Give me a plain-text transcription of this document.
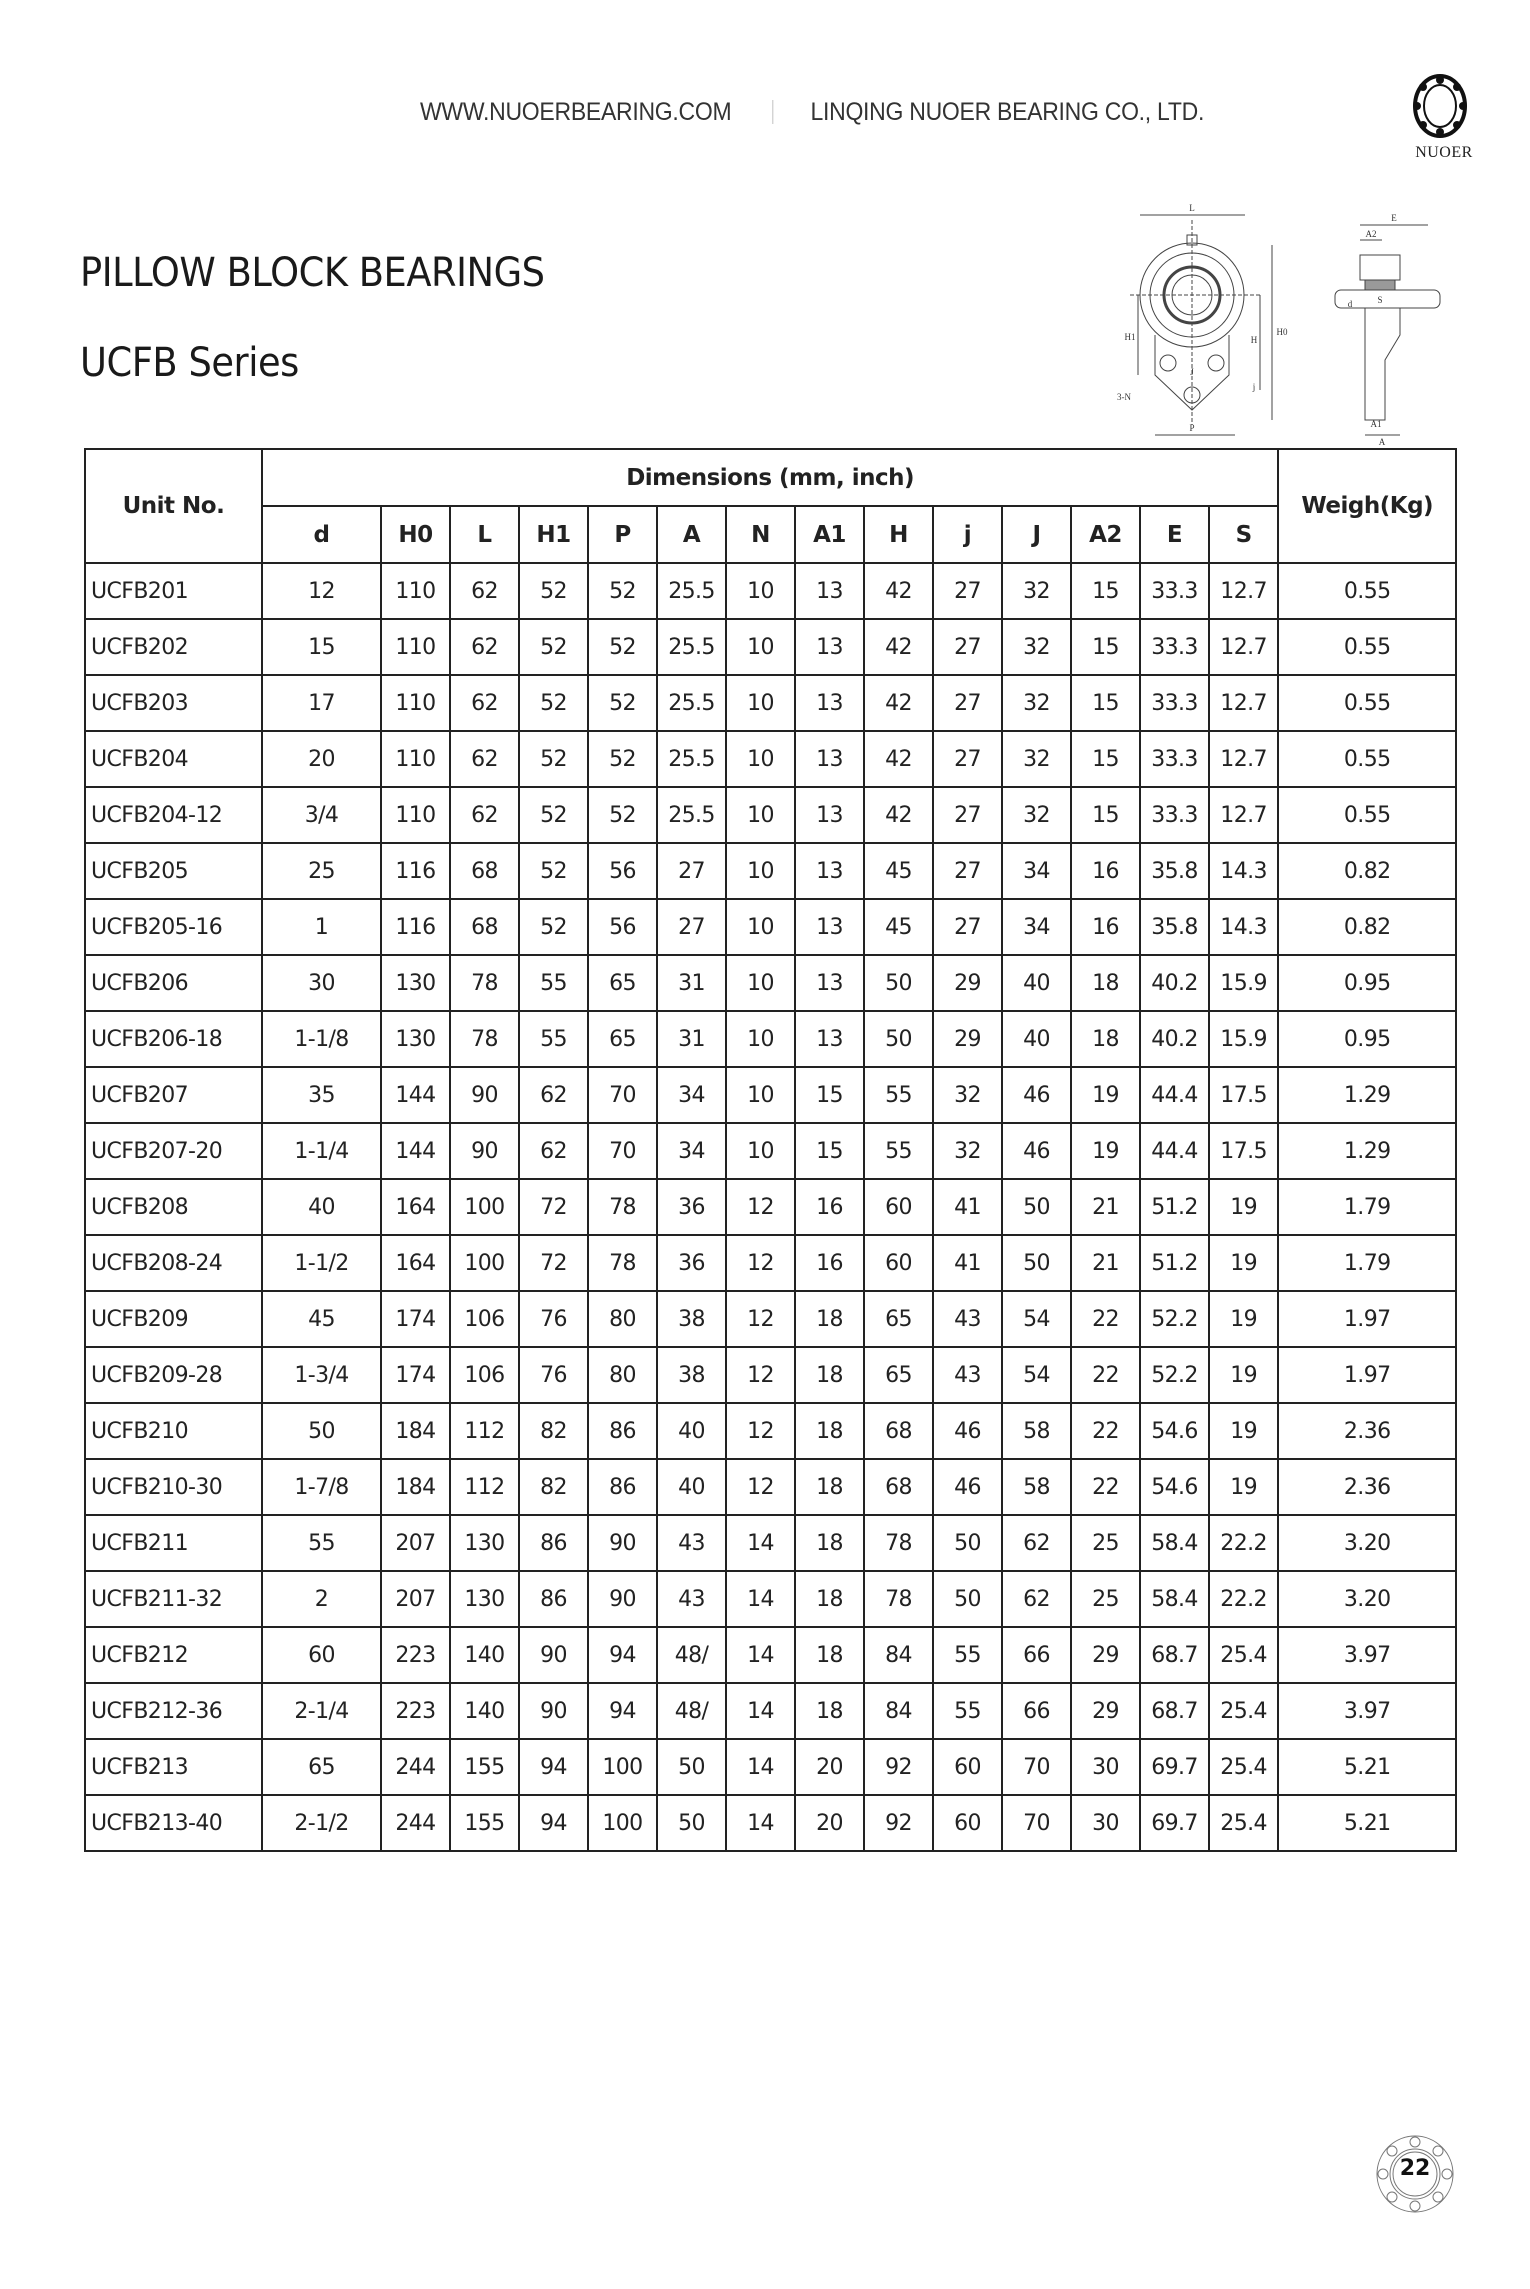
WWW.NUOERBEARING.COM	LINQING NUOER BEARING CO., LTD.
NUOER
PILLOW BLOCK BEARINGS
UCFB Series
L
E
A2
S
d
H1	H
H0
J
j
3-N
P	A1
A
Unit No.	Dimensions (mm, inch)														Weigh(Kg)
	d	H0	L	H1	P	A	N	A1	H	j	J	A2	E	S	
UCFB201	12	110	62	52	52	25.5	10	13	42	27	32	15	33.3	12.7	0.55
UCFB202	15	110	62	52	52	25.5	10	13	42	27	32	15	33.3	12.7	0.55
UCFB203	17	110	62	52	52	25.5	10	13	42	27	32	15	33.3	12.7	0.55
UCFB204	20	110	62	52	52	25.5	10	13	42	27	32	15	33.3	12.7	0.55
UCFB204-12	3/4	110	62	52	52	25.5	10	13	42	27	32	15	33.3	12.7	0.55
UCFB205	25	116	68	52	56	27	10	13	45	27	34	16	35.8	14.3	0.82
UCFB205-16	1	116	68	52	56	27	10	13	45	27	34	16	35.8	14.3	0.82
UCFB206	30	130	78	55	65	31	10	13	50	29	40	18	40.2	15.9	0.95
UCFB206-18	1-1/8	130	78	55	65	31	10	13	50	29	40	18	40.2	15.9	0.95
UCFB207	35	144	90	62	70	34	10	15	55	32	46	19	44.4	17.5	1.29
UCFB207-20	1-1/4	144	90	62	70	34	10	15	55	32	46	19	44.4	17.5	1.29
UCFB208	40	164	100	72	78	36	12	16	60	41	50	21	51.2	19	1.79
UCFB208-24	1-1/2	164	100	72	78	36	12	16	60	41	50	21	51.2	19	1.79
UCFB209	45	174	106	76	80	38	12	18	65	43	54	22	52.2	19	1.97
UCFB209-28	1-3/4	174	106	76	80	38	12	18	65	43	54	22	52.2	19	1.97
UCFB210	50	184	112	82	86	40	12	18	68	46	58	22	54.6	19	2.36
UCFB210-30	1-7/8	184	112	82	86	40	12	18	68	46	58	22	54.6	19	2.36
UCFB211	55	207	130	86	90	43	14	18	78	50	62	25	58.4	22.2	3.20
UCFB211-32	2	207	130	86	90	43	14	18	78	50	62	25	58.4	22.2	3.20
UCFB212	60	223	140	90	94	48/	14	18	84	55	66	29	68.7	25.4	3.97
UCFB212-36	2-1/4	223	140	90	94	48/	14	18	84	55	66	29	68.7	25.4	3.97
UCFB213	65	244	155	94	100	50	14	20	92	60	70	30	69.7	25.4	5.21
UCFB213-40	2-1/2	244	155	94	100	50	14	20	92	60	70	30	69.7	25.4	5.21
22
